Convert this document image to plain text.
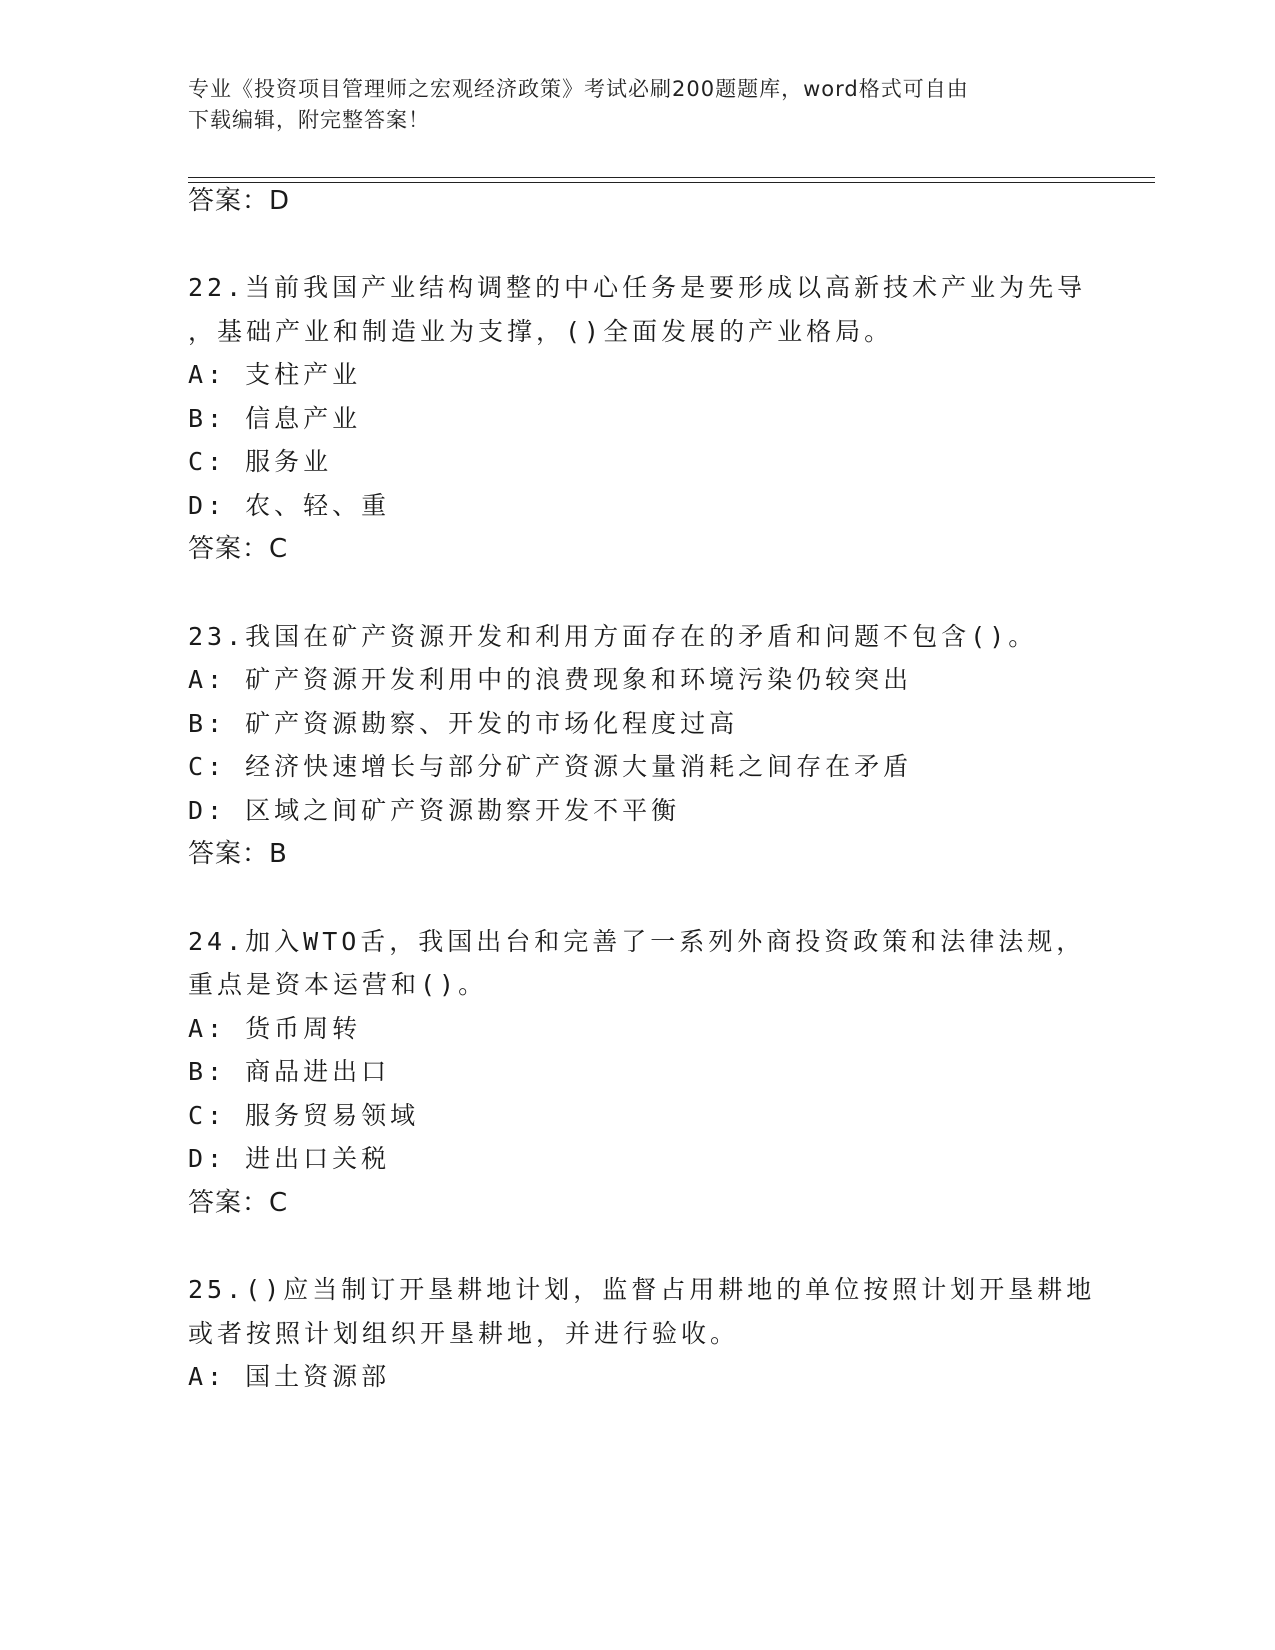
专业《投资项目管理师之宏观经济政策》考试必刷200题题库，word格式可自由
下载编辑，附完整答案！
答案：D
22.当前我国产业结构调整的中心任务是要形成以高新技术产业为先导
，基础产业和制造业为支撑，()全面发展的产业格局。
A: 支柱产业
B: 信息产业
C: 服务业
D: 农、轻、重
答案：C
23.我国在矿产资源开发和利用方面存在的矛盾和问题不包含()。
A: 矿产资源开发利用中的浪费现象和环境污染仍较突出
B: 矿产资源勘察、开发的市场化程度过高
C: 经济快速增长与部分矿产资源大量消耗之间存在矛盾
D: 区域之间矿产资源勘察开发不平衡
答案：B
24.加入WTO舌，我国出台和完善了一系列外商投资政策和法律法规，
重点是资本运营和()。
A: 货币周转
B: 商品进出口
C: 服务贸易领域
D: 进出口关税
答案：C
25.()应当制订开垦耕地计划，监督占用耕地的单位按照计划开垦耕地
或者按照计划组织开垦耕地，并进行验收。
A: 国土资源部
